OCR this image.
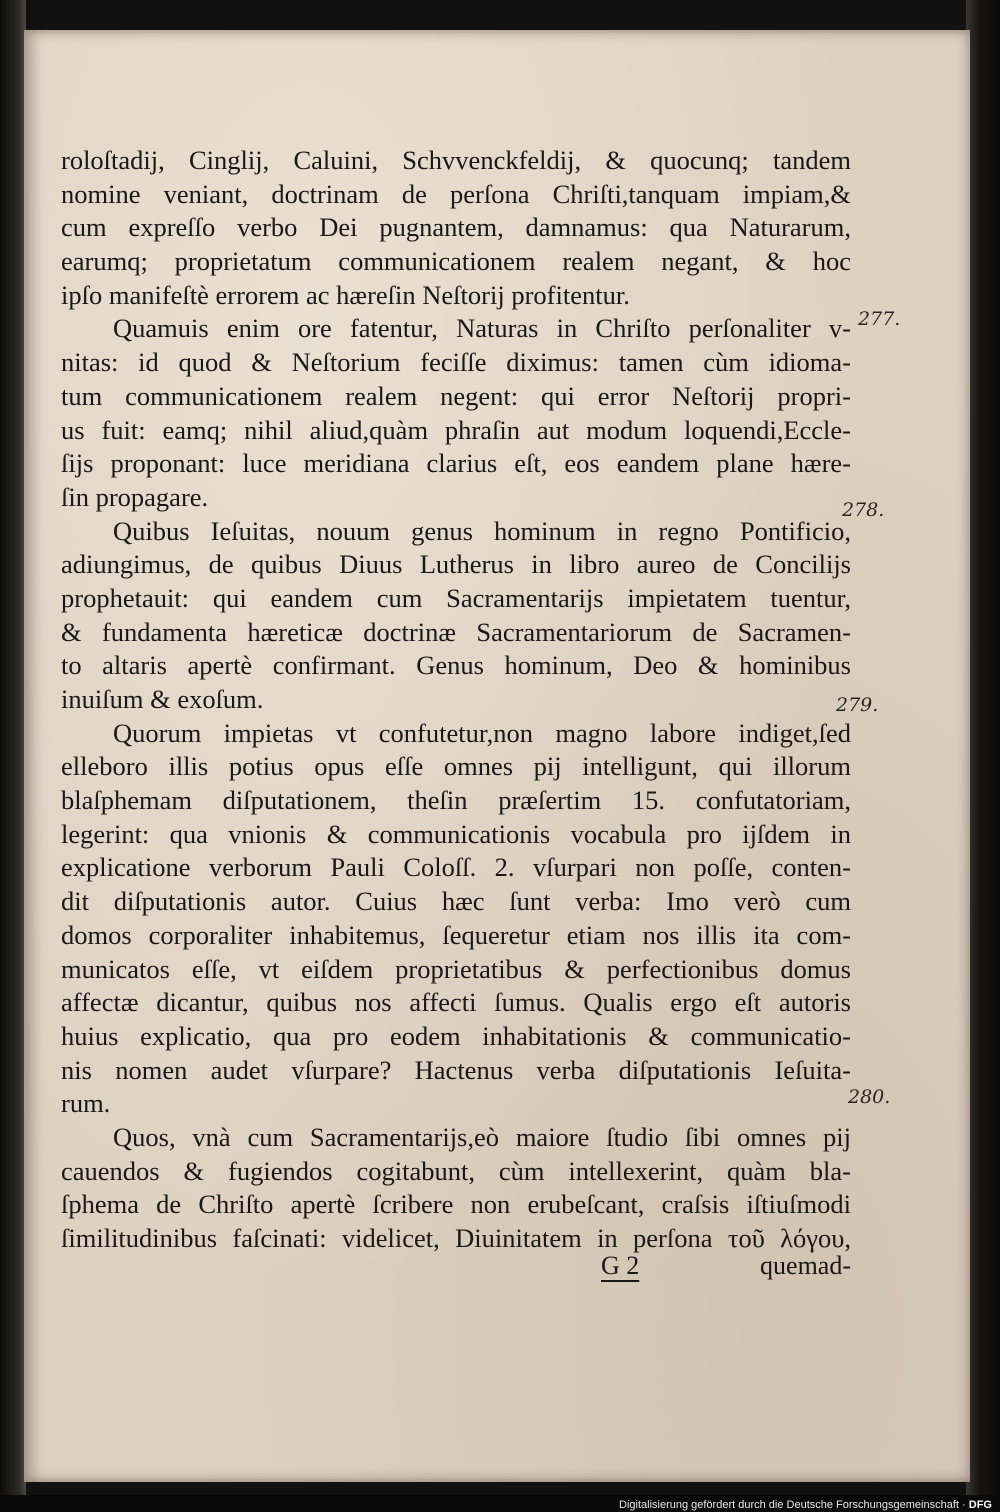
roloſtadij, Cinglij, Caluini, Schvvenckfeldij, & quocunq; tandem
nomine veniant, doctrinam de perſona Chriſti,tanquam impiam,&
cum expreſſo verbo Dei pugnantem, damnamus: qua Naturarum,
earumq; proprietatum communicationem realem negant, & hoc
ipſo manifeſtè errorem ac hæreſin Neſtorij profitentur.
Quamuis enim ore fatentur, Naturas in Chriſto perſonaliter v-
nitas: id quod & Neſtorium feciſſe diximus: tamen cùm idioma-
tum communicationem realem negent: qui error Neſtorij propri-
us fuit: eamq; nihil aliud,quàm phraſin aut modum loquendi,Eccle-
ſijs proponant: luce meridiana clarius eſt, eos eandem plane hære-
ſin propagare.
Quibus Ieſuitas, nouum genus hominum in regno Pontificio,
adiungimus, de quibus Diuus Lutherus in libro aureo de Concilijs
prophetauit: qui eandem cum Sacramentarijs impietatem tuentur,
& fundamenta hæreticæ doctrinæ Sacramentariorum de Sacramen-
to altaris apertè confirmant. Genus hominum, Deo & hominibus
inuiſum & exoſum.
Quorum impietas vt confutetur,non magno labore indiget,ſed
elleboro illis potius opus eſſe omnes pij intelligunt, qui illorum
blaſphemam diſputationem, theſin præſertim 15. confutatoriam,
legerint: qua vnionis & communicationis vocabula pro ijſdem in
explicatione verborum Pauli Coloſſ. 2. vſurpari non poſſe, conten-
dit diſputationis autor. Cuius hæc ſunt verba: Imo verò cum
domos corporaliter inhabitemus, ſequeretur etiam nos illis ita com-
municatos eſſe, vt eiſdem proprietatibus & perfectionibus domus
affectæ dicantur, quibus nos affecti ſumus. Qualis ergo eſt autoris
huius explicatio, qua pro eodem inhabitationis & communicatio-
nis nomen audet vſurpare? Hactenus verba diſputationis Ieſuita-
rum.
Quos, vnà cum Sacramentarijs,eò maiore ſtudio ſibi omnes pij
cauendos & fugiendos cogitabunt, cùm intellexerint, quàm bla-
ſphema de Chriſto apertè ſcribere non erubeſcant, craſsis iſtiuſmodi
ſimilitudinibus faſcinati: videlicet, Diuinitatem in perſona τοῦ λόγου,
277.
278.
279.
280.
G 2	quemad-
Digitalisierung gefördert durch die Deutsche Forschungsgemeinschaft · DFG
